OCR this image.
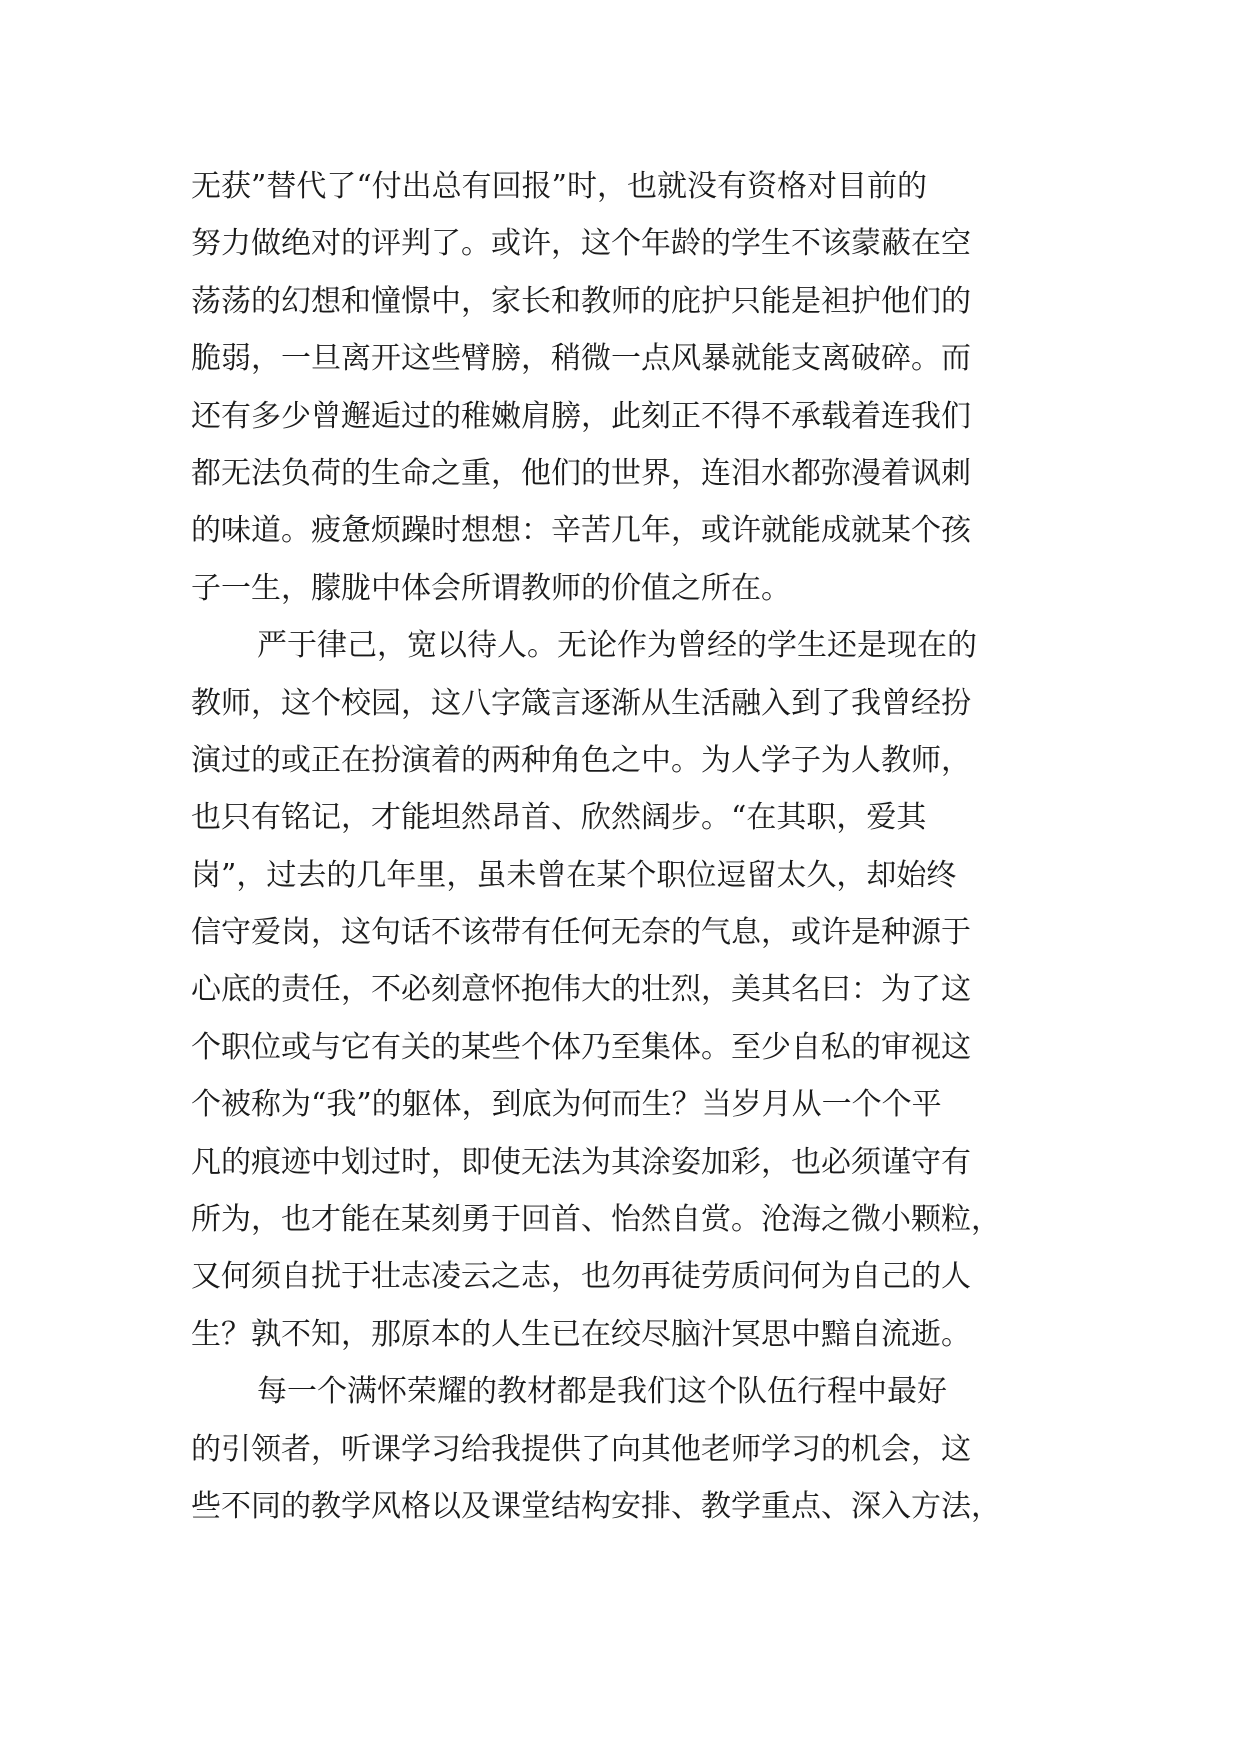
无获”替代了“付出总有回报”时，也就没有资格对目前的
努力做绝对的评判了。或许，这个年龄的学生不该蒙蔽在空
荡荡的幻想和憧憬中，家长和教师的庇护只能是袒护他们的
脆弱，一旦离开这些臂膀，稍微一点风暴就能支离破碎。而
还有多少曾邂逅过的稚嫩肩膀，此刻正不得不承载着连我们
都无法负荷的生命之重，他们的世界，连泪水都弥漫着讽刺
的味道。疲惫烦躁时想想：辛苦几年，或许就能成就某个孩
子一生，朦胧中体会所谓教师的价值之所在。
严于律己，宽以待人。无论作为曾经的学生还是现在的
教师，这个校园，这八字箴言逐渐从生活融入到了我曾经扮
演过的或正在扮演着的两种角色之中。为人学子为人教师，
也只有铭记，才能坦然昂首、欣然阔步。“在其职，爱其
岗”，过去的几年里，虽未曾在某个职位逗留太久，却始终
信守爱岗，这句话不该带有任何无奈的气息，或许是种源于
心底的责任，不必刻意怀抱伟大的壮烈，美其名曰：为了这
个职位或与它有关的某些个体乃至集体。至少自私的审视这
个被称为“我”的躯体，到底为何而生？当岁月从一个个平
凡的痕迹中划过时，即使无法为其涂姿加彩，也必须谨守有
所为，也才能在某刻勇于回首、怡然自赏。沧海之微小颗粒，
又何须自扰于壮志凌云之志，也勿再徒劳质问何为自己的人
生？孰不知，那原本的人生已在绞尽脑汁冥思中黯自流逝。
每一个满怀荣耀的教材都是我们这个队伍行程中最好
的引领者，听课学习给我提供了向其他老师学习的机会，这
些不同的教学风格以及课堂结构安排、教学重点、深入方法，
